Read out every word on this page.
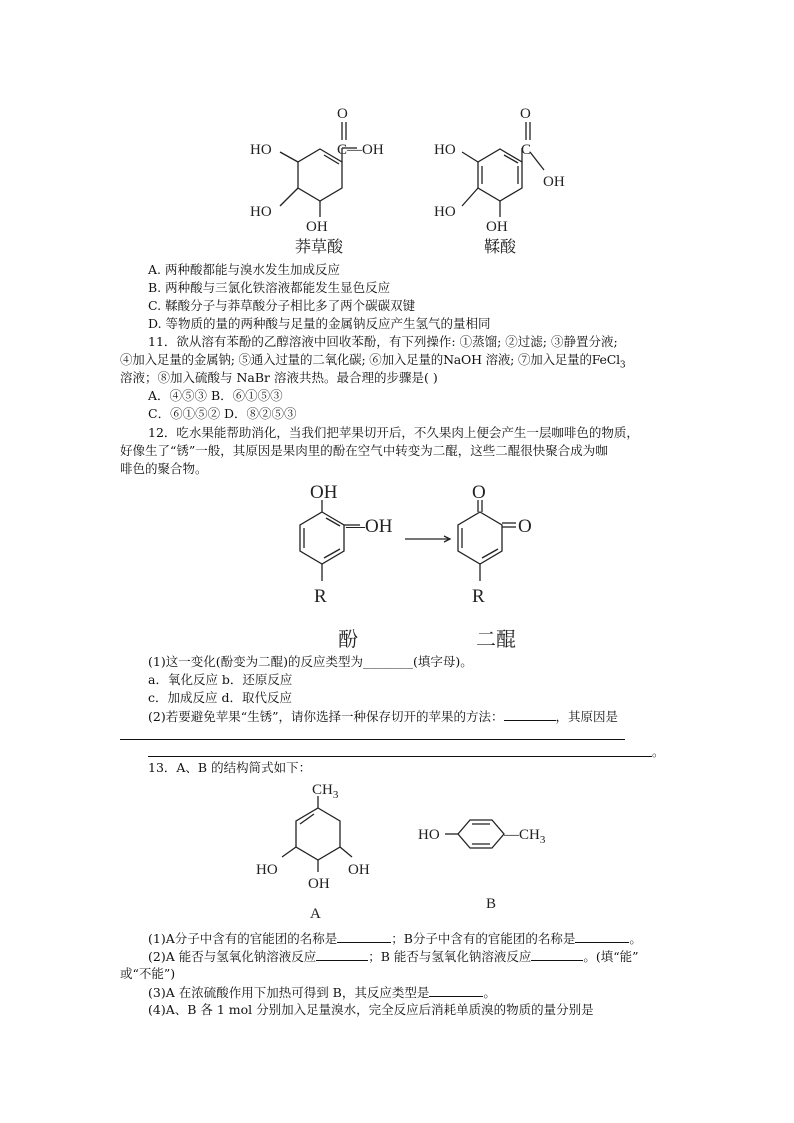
O
C—OH
HO
HO
OH
莽草酸
O
C
OH
HO
HO
OH
鞣酸
A. 两种酸都能与溴水发生加成反应
B. 两种酸与三氯化铁溶液都能发生显色反应
C. 鞣酸分子与莽草酸分子相比多了两个碳碳双键
D. 等物质的量的两种酸与足量的金属钠反应产生氢气的量相同
11．欲从溶有苯酚的乙醇溶液中回收苯酚，有下列操作: ①蒸馏; ②过滤; ③静置分液;
④加入足量的金属钠; ⑤通入过量的二氧化碳; ⑥加入足量的NaOH 溶液; ⑦加入足量的FeCl$_3$
溶液；⑧加入硫酸与 NaBr 溶液共热。最合理的步骤是( )
A．④⑤③ B．⑥①⑤③
C．⑥①⑤② D．⑧②⑤③
12．吃水果能帮助消化，当我们把苹果切开后，不久果肉上便会产生一层咖啡色的物质，
好像生了“锈”一般，其原因是果肉里的酚在空气中转变为二醌，这些二醌很快聚合成为咖
啡色的聚合物。
OH
—OH
R
酚
O
O
R
二醌
(1)这一变化(酚变为二醌)的反应类型为________(填字母)。
a．氧化反应 b．还原反应
c．加成反应 d．取代反应
(2)若要避免苹果“生锈”，请你选择一种保存切开的苹果的方法：	，其原因是
。
13．A、B 的结构简式如下：
$CH_3$
HO
OH
OH
A
HO	$—CH_3$
B
(1)A分子中含有的官能团的名称是	；B分子中含有的官能团的名称是	。
(2)A 能否与氢氧化钠溶液反应	；B 能否与氢氧化钠溶液反应	。(填“能”
或“不能”)
(3)A 在浓硫酸作用下加热可得到 B，其反应类型是	。
(4)A、B 各 1 mol 分别加入足量溴水，完全反应后消耗单质溴的物质的量分别是
